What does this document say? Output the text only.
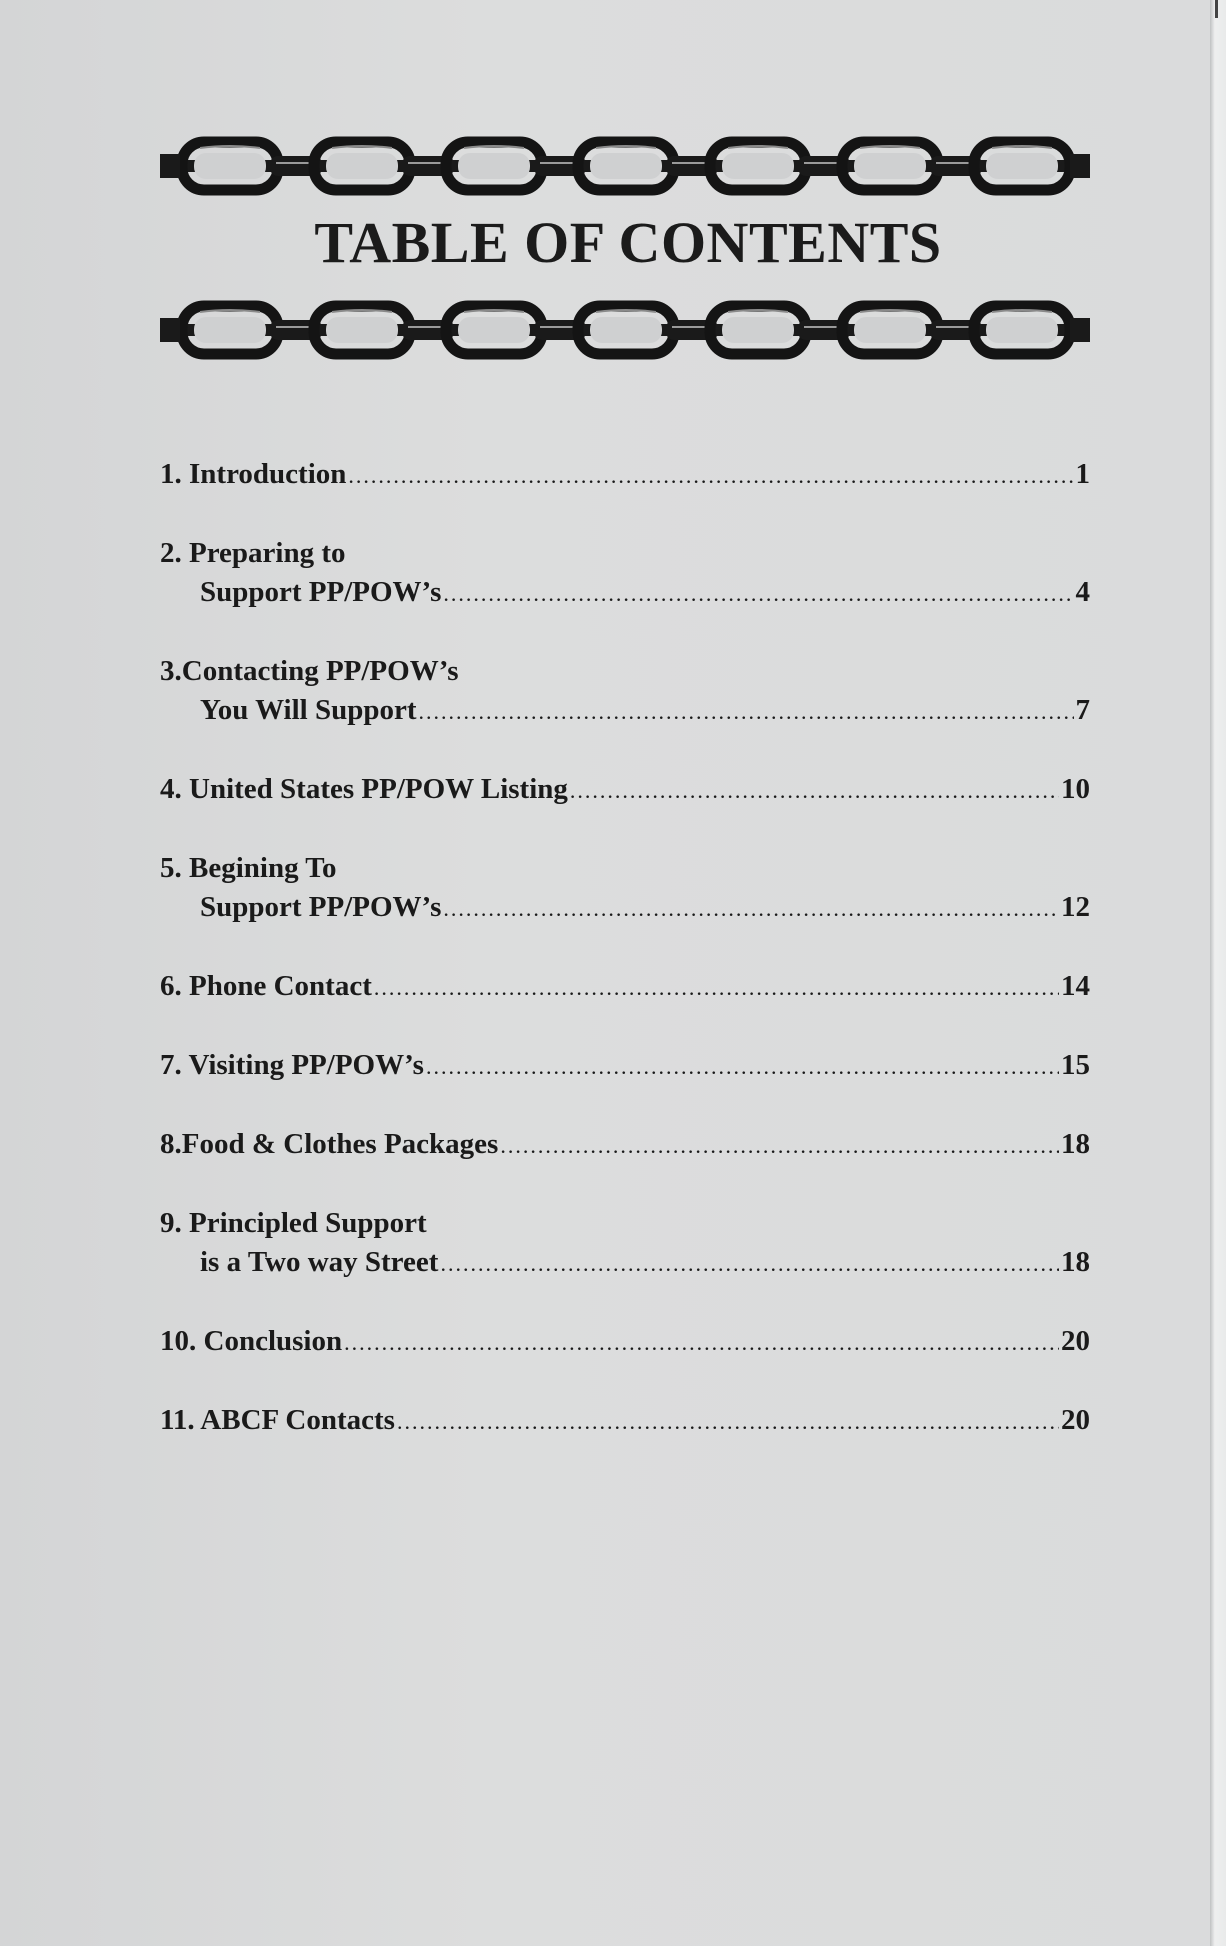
TABLE OF CONTENTS
1. Introduction .....	1
2. Preparing to
Support PP/POW’s .....	4
3.Contacting PP/POW’s
You Will Support .....	7
4. United States PP/POW Listing .....	10
5. Begining To
Support PP/POW’s .....	12
6. Phone Contact .....	14
7. Visiting PP/POW’s .....	15
8.Food & Clothes Packages .....	18
9. Principled Support
is a Two way Street .....	18
10. Conclusion .....	20
11. ABCF Contacts .....	20
